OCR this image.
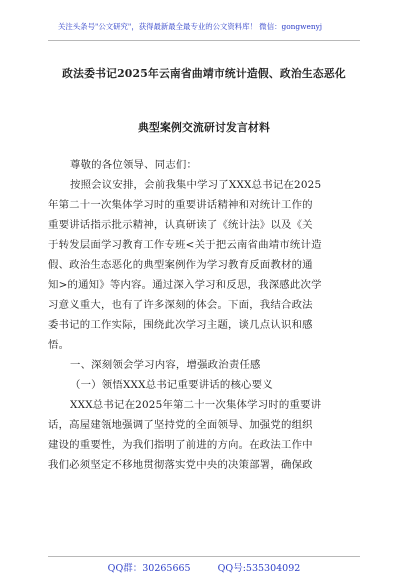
关注头条号"公文研究"，获得最新最全最专业的公文资料库！ 微信：gongwenyj
政法委书记2025年云南省曲靖市统计造假、政治生态恶化
典型案例交流研讨发言材料
尊敬的各位领导、同志们：
按照会议安排，会前我集中学习了XXX总书记在2025
年第二十一次集体学习时的重要讲话精神和对统计工作的
重要讲话指示批示精神，认真研读了《统计法》以及《关
于转发层面学习教育工作专班<关于把云南省曲靖市统计造
假、政治生态恶化的典型案例作为学习教育反面教材的通
知>的通知》等内容。通过深入学习和反思，我深感此次学
习意义重大，也有了许多深刻的体会。下面，我结合政法
委书记的工作实际，围绕此次学习主题，谈几点认识和感
悟。
一、深刻领会学习内容，增强政治责任感
（一）领悟XXX总书记重要讲话的核心要义
XXX总书记在2025年第二十一次集体学习时的重要讲
话，高屋建瓴地强调了坚持党的全面领导、加强党的组织
建设的重要性，为我们指明了前进的方向。在政法工作中
我们必须坚定不移地贯彻落实党中央的决策部署，确保政
QQ群：30265665	QQ号:535304092
